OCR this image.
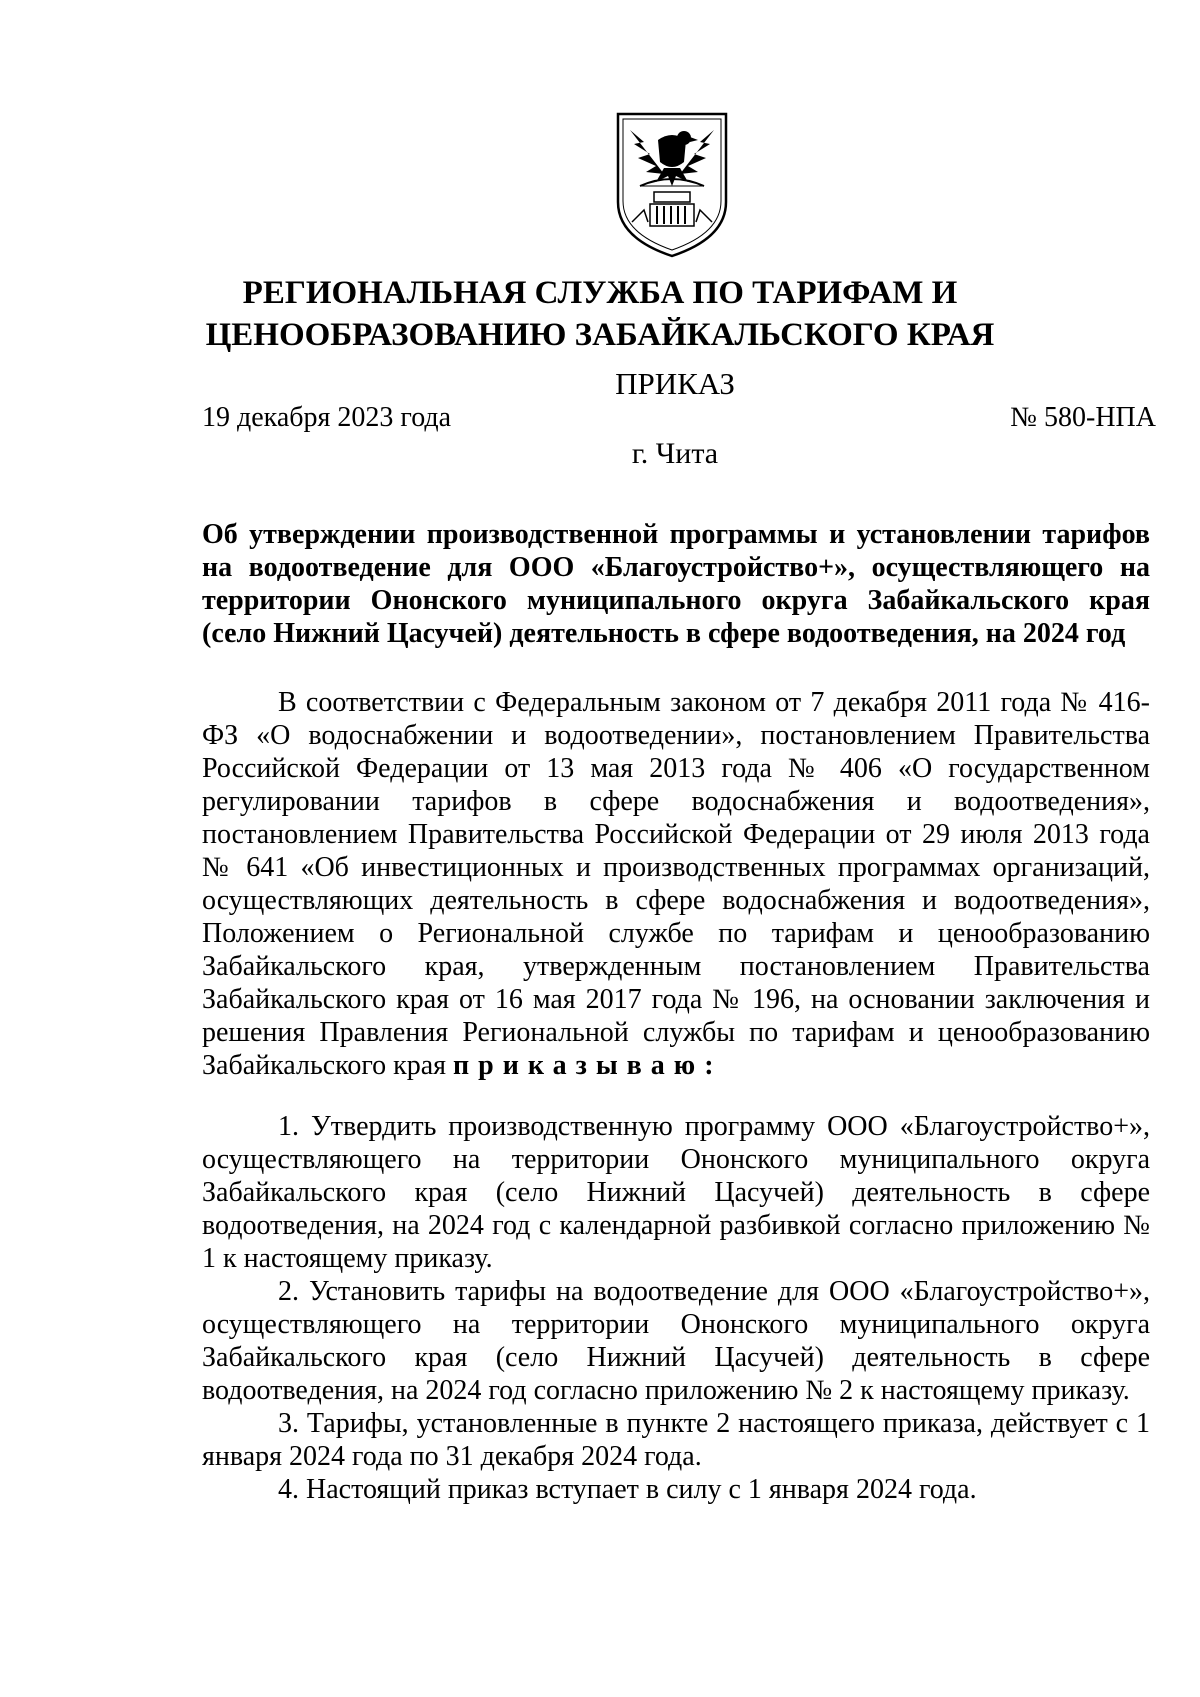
РЕГИОНАЛЬНАЯ СЛУЖБА ПО ТАРИФАМ И
ЦЕНООБРАЗОВАНИЮ ЗАБАЙКАЛЬСКОГО КРАЯ
ПРИКАЗ
19 декабря 2023 года	№ 580-НПА
г. Чита
Об утверждении производственной программы и установлении тарифов на водоотведение для ООО «Благоустройство+», осуществляющего на территории Ононского муниципального округа Забайкальского края (село Нижний Цасучей) деятельность в сфере водоотведения, на 2024 год

В соответствии с Федеральным законом от 7 декабря 2011 года № 416-ФЗ «О водоснабжении и водоотведении», постановлением Правительства Российской Федерации от 13 мая 2013 года № 406 «О государственном регулировании тарифов в сфере водоснабжения и водоотведения», постановлением Правительства Российской Федерации от 29 июля 2013 года № 641 «Об инвестиционных и производственных программах организаций, осуществляющих деятельность в сфере водоснабжения и водоотведения», Положением о Региональной службе по тарифам и ценообразованию Забайкальского края, утвержденным постановлением Правительства Забайкальского края от 16 мая 2017 года № 196, на основании заключения и решения Правления Региональной службы по тарифам и ценообразованию Забайкальского края приказываю:

1. Утвердить производственную программу ООО «Благоустройство+», осуществляющего на территории Ононского муниципального округа Забайкальского края (село Нижний Цасучей) деятельность в сфере водоотведения, на 2024 год с календарной разбивкой согласно приложению № 1 к настоящему приказу.

2. Установить тарифы на водоотведение для ООО «Благоустройство+», осуществляющего на территории Ононского муниципального округа Забайкальского края (село Нижний Цасучей) деятельность в сфере водоотведения, на 2024 год согласно приложению № 2 к настоящему приказу.

3. Тарифы, установленные в пункте 2 настоящего приказа, действует с 1 января 2024 года по 31 декабря 2024 года.

4. Настоящий приказ вступает в силу с 1 января 2024 года.
